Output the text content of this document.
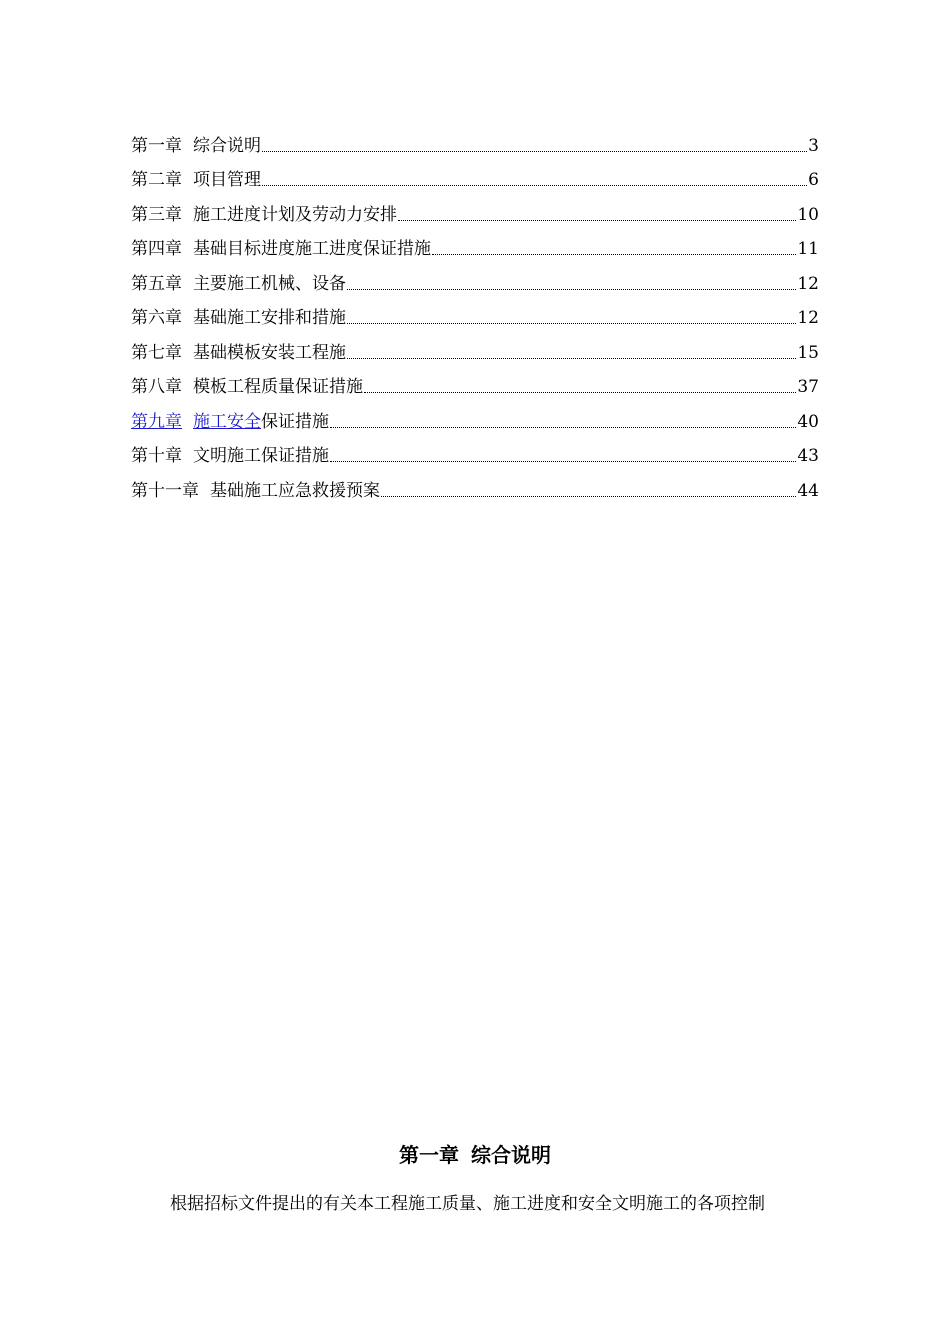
第一章 综合说明	3
第二章 项目管理	6
第三章 施工进度计划及劳动力安排	10
第四章 基础目标进度施工进度保证措施	11
第五章 主要施工机械、设备	12
第六章 基础施工安排和措施	12
第七章 基础模板安装工程施	15
第八章 模板工程质量保证措施	37
第九章 施工安全保证措施	40
第十章 文明施工保证措施	43
第十一章 基础施工应急救援预案	44
第一章 综合说明
根据招标文件提出的有关本工程施工质量、施工进度和安全文明施工的各项控制
